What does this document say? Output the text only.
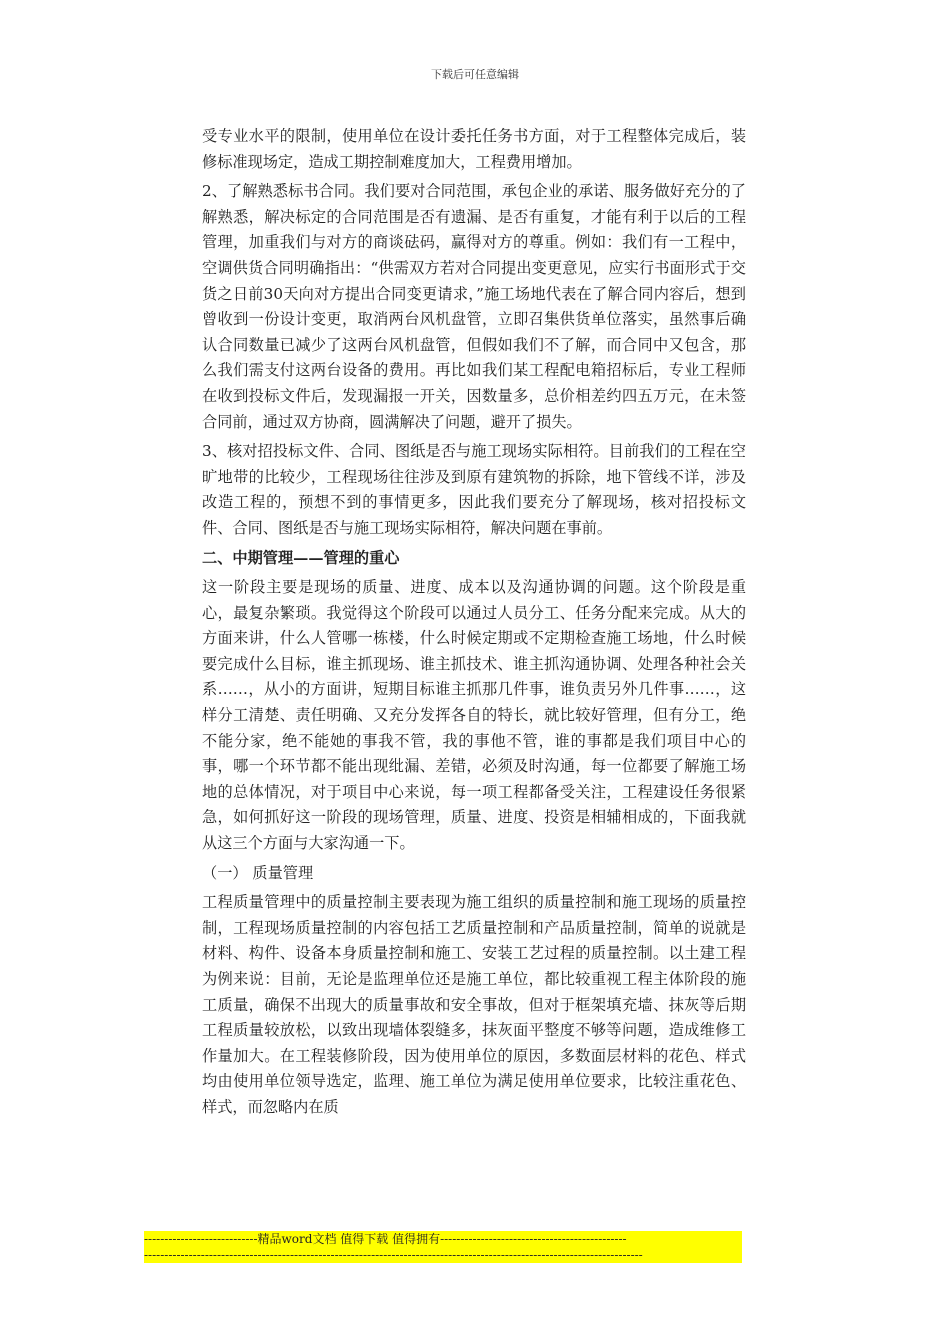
下载后可任意编辑

受专业水平的限制，使用单位在设计委托任务书方面，对于工程整体完成后，装修标准现场定，造成工期控制难度加大，工程费用增加。

2、了解熟悉标书合同。我们要对合同范围，承包企业的承诺、服务做好充分的了解熟悉，解决标定的合同范围是否有遗漏、是否有重复，才能有利于以后的工程管理，加重我们与对方的商谈砝码，赢得对方的尊重。例如：我们有一工程中，空调供货合同明确指出：“供需双方若对合同提出变更意见，应实行书面形式于交货之日前30天向对方提出合同变更请求，”施工场地代表在了解合同内容后，想到曾收到一份设计变更，取消两台风机盘管，立即召集供货单位落实，虽然事后确认合同数量已减少了这两台风机盘管，但假如我们不了解，而合同中又包含，那么我们需支付这两台设备的费用。再比如我们某工程配电箱招标后，专业工程师在收到投标文件后，发现漏报一开关，因数量多，总价相差约四五万元，在未签合同前，通过双方协商，圆满解决了问题，避开了损失。

3、核对招投标文件、合同、图纸是否与施工现场实际相符。目前我们的工程在空旷地带的比较少，工程现场往往涉及到原有建筑物的拆除，地下管线不详，涉及改造工程的，预想不到的事情更多，因此我们要充分了解现场，核对招投标文件、合同、图纸是否与施工现场实际相符，解决问题在事前。

二、中期管理——管理的重心

这一阶段主要是现场的质量、进度、成本以及沟通协调的问题。这个阶段是重心，最复杂繁琐。我觉得这个阶段可以通过人员分工、任务分配来完成。从大的方面来讲，什么人管哪一栋楼，什么时候定期或不定期检查施工场地，什么时候要完成什么目标，谁主抓现场、谁主抓技术、谁主抓沟通协调、处理各种社会关系……，从小的方面讲，短期目标谁主抓那几件事，谁负责另外几件事……，这样分工清楚、责任明确、又充分发挥各自的特长，就比较好管理，但有分工，绝不能分家，绝不能她的事我不管，我的事他不管，谁的事都是我们项目中心的事，哪一个环节都不能出现纰漏、差错，必须及时沟通，每一位都要了解施工场地的总体情况，对于项目中心来说，每一项工程都备受关注，工程建设任务很紧急，如何抓好这一阶段的现场管理，质量、进度、投资是相辅相成的，下面我就从这三个方面与大家沟通一下。

（一） 质量管理

工程质量管理中的质量控制主要表现为施工组织的质量控制和施工现场的质量控制，工程现场质量控制的内容包括工艺质量控制和产品质量控制，简单的说就是材料、构件、设备本身质量控制和施工、安装工艺过程的质量控制。以土建工程为例来说：目前，无论是监理单位还是施工单位，都比较重视工程主体阶段的施工质量，确保不出现大的质量事故和安全事故，但对于框架填充墙、抹灰等后期工程质量较放松，以致出现墙体裂缝多，抹灰面平整度不够等问题，造成维修工作量加大。在工程装修阶段，因为使用单位的原因，多数面层材料的花色、样式均由使用单位领导选定，监理、施工单位为满足使用单位要求，比较注重花色、样式，而忽略内在质

----------------------------精品word文档 值得下载 值得拥有----------------------------------------------
---------------------------------------------------------------------------------------------------------------------------
